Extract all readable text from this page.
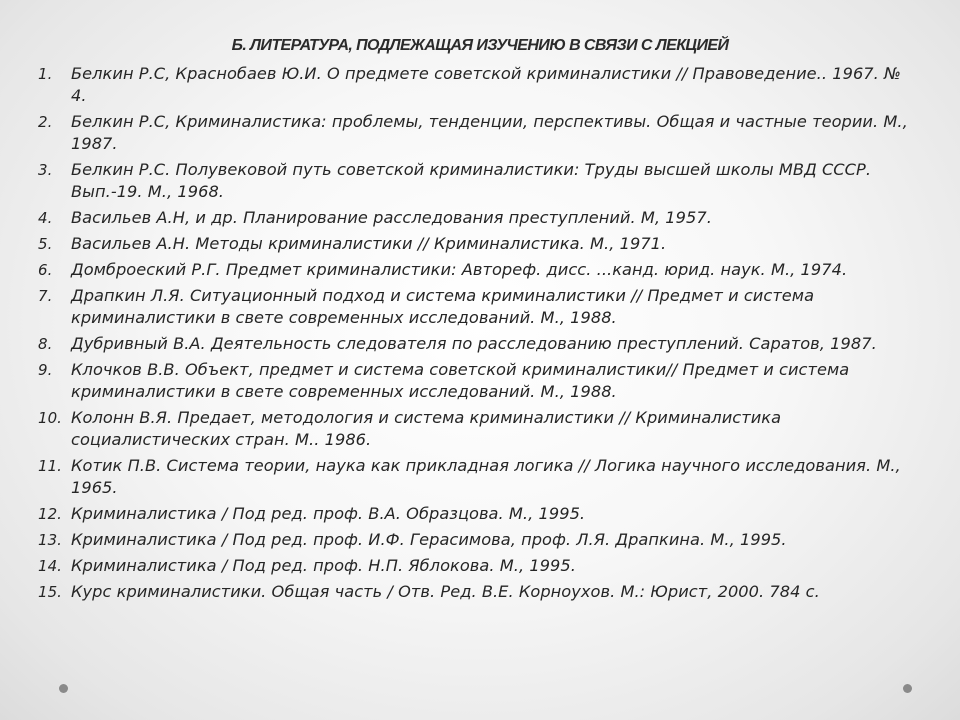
Б. ЛИТЕРАТУРА, ПОДЛЕЖАЩАЯ ИЗУЧЕНИЮ В СВЯЗИ С ЛЕКЦИЕЙ
1.	Белкин Р.С, Краснобаев Ю.И. О предмете советской криминалистики // Правоведение.. 1967. № 4.
2.	Белкин Р.С, Криминалистика: проблемы, тенденции, перспективы. Общая и частные теории. М., 1987.
3.	Белкин Р.С. Полувековой путь советской криминалистики: Труды высшей школы МВД СССР. Вып.-19. М., 1968.
4.	Васильев А.Н, и др. Планирование расследования преступлений. М, 1957.
5.	Васильев А.Н. Методы криминалистики // Криминалистика. М., 1971.
6.	Домброеский Р.Г. Предмет криминалистики: Автореф. дисс. ...канд. юрид. наук. М., 1974.
7.	Драпкин Л.Я. Ситуационный подход и система криминалистики // Предмет и система криминалистики в свете современных исследований. М., 1988.
8.	Дубривный В.А. Деятельность следователя по расследованию преступлений. Саратов, 1987.
9.	Клочков В.В. Объект, предмет и система советской криминалистики// Предмет и система криминалистики в свете современных исследований. М., 1988.
10. Колонн В.Я. Предает, методология и система криминалистики // Криминалистика социалистических стран. М.. 1986.
11. Котик П.В. Система теории, наука как прикладная логика // Логика научного исследования. М., 1965.
12. Криминалистика / Под ред. проф. В.А. Образцова. М., 1995.
13. Криминалистика / Под ред. проф. И.Ф. Герасимова, проф. Л.Я. Драпкина. М., 1995.
14. Криминалистика / Под ред. проф. Н.П. Яблокова. М., 1995.
15. Курс криминалистики. Общая часть / Отв. Ред. В.Е. Корноухов. М.: Юрист, 2000. 784 с.
